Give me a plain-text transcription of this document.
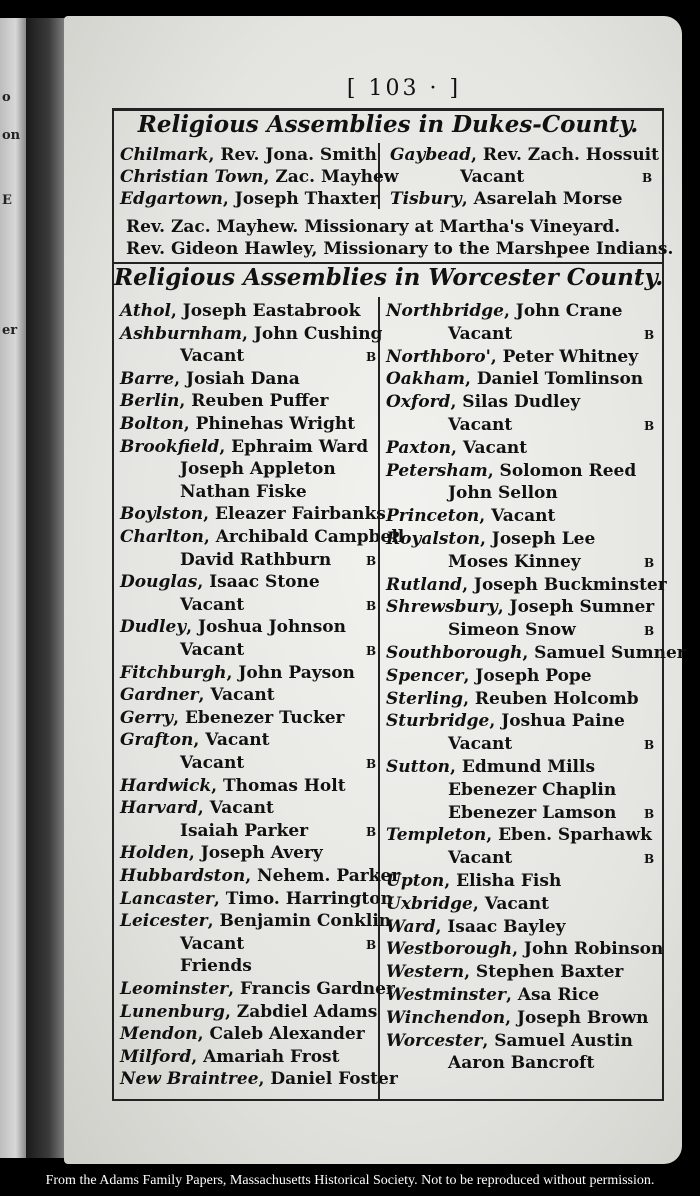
o
on
E
er
[ 103 · ]
Religious Assemblies in Dukes-County.
Chilmark, Rev. Jona. Smith
Christian Town, Zac. Mayhew
Edgartown, Joseph Thaxter
Gaybead, Rev. Zach. Hossuit
Vacant	B
Tisbury, Asarelah Morse
Rev. Zac. Mayhew. Missionary at Martha's Vineyard.
Rev. Gideon Hawley, Missionary to the Marshpee Indians.
Religious Assemblies in Worcester County.
Athol, Joseph Eastabrook
Ashburnham, John Cushing
Vacant	B
Barre, Josiah Dana
Berlin, Reuben Puffer
Bolton, Phinehas Wright
Brookfield, Ephraim Ward
Joseph Appleton
Nathan Fiske
Boylston, Eleazer Fairbanks
Charlton, Archibald Campbell
David Rathburn	B
Douglas, Isaac Stone
Vacant	B
Dudley, Joshua Johnson
Vacant	B
Fitchburgh, John Payson
Gardner, Vacant
Gerry, Ebenezer Tucker
Grafton, Vacant
Vacant	B
Hardwick, Thomas Holt
Harvard, Vacant
Isaiah Parker	B
Holden, Joseph Avery
Hubbardston, Nehem. Parker
Lancaster, Timo. Harrington
Leicester, Benjamin Conklin
Vacant	B
Friends
Leominster, Francis Gardner
Lunenburg, Zabdiel Adams
Mendon, Caleb Alexander
Milford, Amariah Frost
New Braintree, Daniel Foster
Northbridge, John Crane
Vacant	B
Northboro', Peter Whitney
Oakham, Daniel Tomlinson
Oxford, Silas Dudley
Vacant	B
Paxton, Vacant
Petersham, Solomon Reed
John Sellon
Princeton, Vacant
Royalston, Joseph Lee
Moses Kinney	B
Rutland, Joseph Buckminster
Shrewsbury, Joseph Sumner
Simeon Snow	B
Southborough, Samuel Sumner
Spencer, Joseph Pope
Sterling, Reuben Holcomb
Sturbridge, Joshua Paine
Vacant	B
Sutton, Edmund Mills
Ebenezer Chaplin
Ebenezer Lamson B
Templeton, Eben. Sparhawk
Vacant	B
Upton, Elisha Fish
Uxbridge, Vacant
Ward, Isaac Bayley
Westborough, John Robinson
Western, Stephen Baxter
Westminster, Asa Rice
Winchendon, Joseph Brown
Worcester, Samuel Austin
Aaron Bancroft
From the Adams Family Papers, Massachusetts Historical Society. Not to be reproduced without permission.
